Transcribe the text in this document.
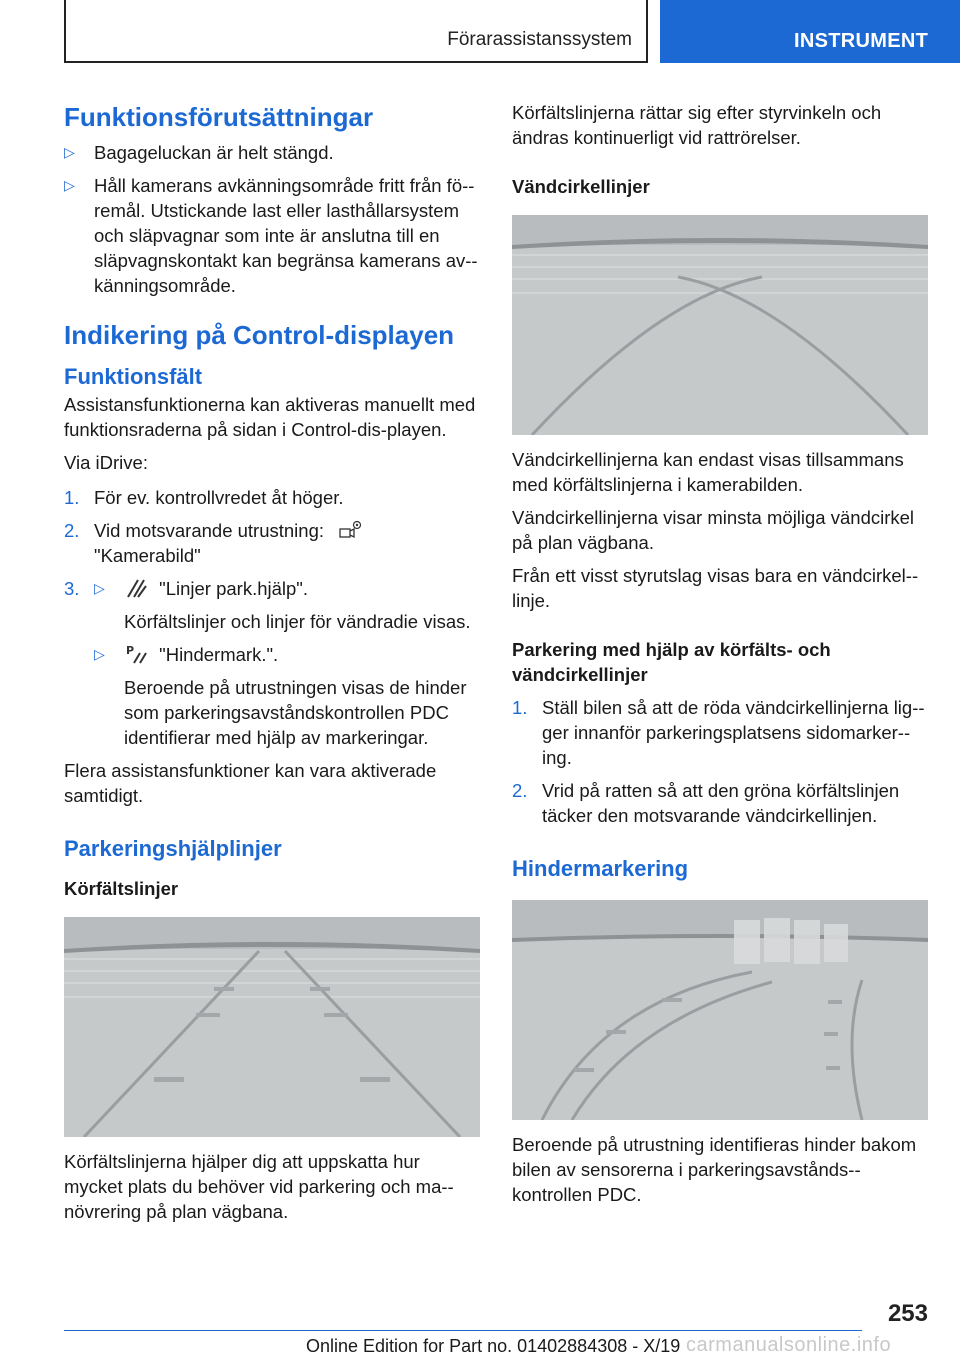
Förarassistanssystem	INSTRUMENT
Funktionsförutsättningar
▷ Bagageluckan är helt stängd.
▷ Håll kamerans avkänningsområde fritt från fö-remål. Utstickande last eller lasthållarsystem och släpvagnar som inte är anslutna till en släpvagnskontakt kan begränsa kamerans av-känningsområde.
Indikering på Control-displayen
Funktionsfält

Assistansfunktionerna kan aktiveras manuellt med funktionsraderna på sidan i Control-dis-playen.

Via iDrive:

1. För ev. kontrollvredet åt höger.
2. Vid motsvarande utrustning:
"Kamerabild"
3. ▷	"Linjer park.hjälp".
Körfältslinjer och linjer för vändradie visas.
▷ P "Hindermark.".
Beroende på utrustningen visas de hinder som parkeringsavståndskontrollen PDC identifierar med hjälp av markeringar.

Flera assistansfunktioner kan vara aktiverade samtidigt.

Parkeringshjälplinjer

Körfältslinjer

Körfältslinjerna hjälper dig att uppskatta hur mycket plats du behöver vid parkering och ma-növrering på plan vägbana.

Körfältslinjerna rättar sig efter styrvinkeln och ändras kontinuerligt vid rattrörelser.

Vändcirkellinjer

Vändcirkellinjerna kan endast visas tillsammans med körfältslinjerna i kamerabilden.

Vändcirkellinjerna visar minsta möjliga vändcirkel på plan vägbana.

Från ett visst styrutslag visas bara en vändcirkel-linje.

Parkering med hjälp av körfälts- och vändcirkellinjer

1. Ställ bilen så att de röda vändcirkellinjerna lig-ger innanför parkeringsplatsens sidomarker-ing.
2. Vrid på ratten så att den gröna körfältslinjen täcker den motsvarande vändcirkellinjen.
Hindermarkering

Beroende på utrustning identifieras hinder bakom bilen av sensorerna i parkeringsavstånds-kontrollen PDC.

253
Online Edition for Part no. 01402884308 - X/19 carmanualsonline.info
